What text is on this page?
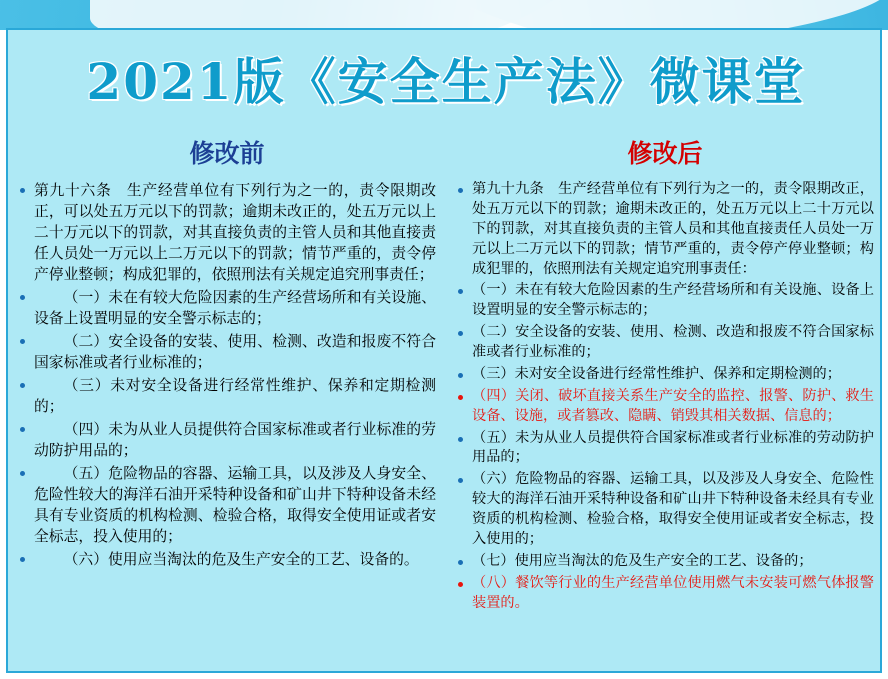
2021版《安全生产法》微课堂
修改前
第九十六条　生产经营单位有下列行为之一的，责令限期改正，可以处五万元以下的罚款；逾期未改正的，处五万元以上二十万元以下的罚款，对其直接负责的主管人员和其他直接责任人员处一万元以上二万元以下的罚款；情节严重的，责令停产停业整顿；构成犯罪的，依照刑法有关规定追究刑事责任；
（一）未在有较大危险因素的生产经营场所和有关设施、设备上设置明显的安全警示标志的；
（二）安全设备的安装、使用、检测、改造和报废不符合国家标准或者行业标准的；
（三）未对安全设备进行经常性维护、保养和定期检测的；
（四）未为从业人员提供符合国家标准或者行业标准的劳动防护用品的；
（五）危险物品的容器、运输工具，以及涉及人身安全、危险性较大的海洋石油开采特种设备和矿山井下特种设备未经具有专业资质的机构检测、检验合格，取得安全使用证或者安全标志，投入使用的；
（六）使用应当淘汰的危及生产安全的工艺、设备的。
修改后
第九十九条　生产经营单位有下列行为之一的，责令限期改正，处五万元以下的罚款；逾期未改正的，处五万元以上二十万元以下的罚款，对其直接负责的主管人员和其他直接责任人员处一万元以上二万元以下的罚款；情节严重的，责令停产停业整顿；构成犯罪的，依照刑法有关规定追究刑事责任：
（一）未在有较大危险因素的生产经营场所和有关设施、设备上设置明显的安全警示标志的；
（二）安全设备的安装、使用、检测、改造和报废不符合国家标准或者行业标准的；
（三）未对安全设备进行经常性维护、保养和定期检测的；
（四）关闭、破坏直接关系生产安全的监控、报警、防护、救生设备、设施，或者篡改、隐瞒、销毁其相关数据、信息的；
（五）未为从业人员提供符合国家标准或者行业标准的劳动防护用品的；
（六）危险物品的容器、运输工具，以及涉及人身安全、危险性较大的海洋石油开采特种设备和矿山井下特种设备未经具有专业资质的机构检测、检验合格，取得安全使用证或者安全标志，投入使用的；
（七）使用应当淘汰的危及生产安全的工艺、设备的；
（八）餐饮等行业的生产经营单位使用燃气未安装可燃气体报警装置的。
